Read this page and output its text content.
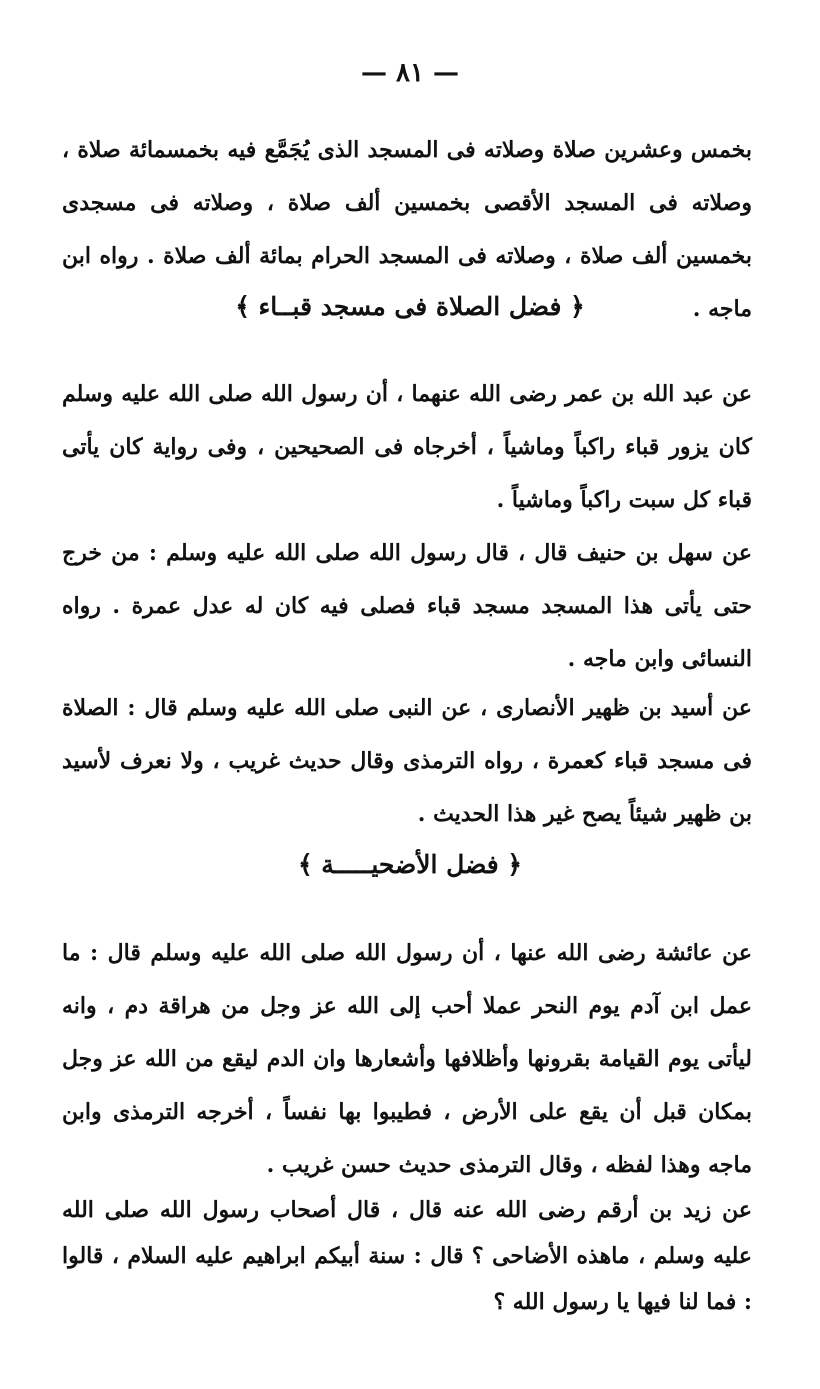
— ٨١ —

بخمس وعشرين صلاة وصلاته فى المسجد الذى يُجَمَّع فيه بخمسمائة صلاة ، وصلاته فى المسجد الأقصى بخمسين ألف صلاة ، وصلاته فى مسجدى بخمسين ألف صلاة ، وصلاته فى المسجد الحرام بمائة ألف صلاة . رواه ابن ماجه .

﴿ فضل الصلاة فى مسجد قبــاء ﴾

عن عبد الله بن عمر رضى الله عنهما ، أن رسول الله صلى الله عليه وسلم كان يزور قباء راكباً وماشياً ، أخرجاه فى الصحيحين ، وفى رواية كان يأتى قباء كل سبت راكباً وماشياً .

عن سهل بن حنيف قال ، قال رسول الله صلى الله عليه وسلم : من خرج حتى يأتى هذا المسجد مسجد قباء فصلى فيه كان له عدل عمرة . رواه النسائى وابن ماجه .

عن أسيد بن ظهير الأنصارى ، عن النبى صلى الله عليه وسلم قال : الصلاة فى مسجد قباء كعمرة ، رواه الترمذى وقال حديث غريب ، ولا نعرف لأسيد بن ظهير شيئاً يصح غير هذا الحديث .

﴿ فضل الأضحيـــــة ﴾

عن عائشة رضى الله عنها ، أن رسول الله صلى الله عليه وسلم قال : ما عمل ابن آدم يوم النحر عملا أحب إلى الله عز وجل من هراقة دم ، وانه ليأتى يوم القيامة بقرونها وأظلافها وأشعارها وان الدم ليقع من الله عز وجل بمكان قبل أن يقع على الأرض ، فطيبوا بها نفساً ، أخرجه الترمذى وابن ماجه وهذا لفظه ، وقال الترمذى حديث حسن غريب .

عن زيد بن أرقم رضى الله عنه قال ، قال أصحاب رسول الله صلى الله عليه وسلم ، ماهذه الأضاحى ؟ قال : سنة أبيكم ابراهيم عليه السلام ، قالوا : فما لنا فيها يا رسول الله ؟
